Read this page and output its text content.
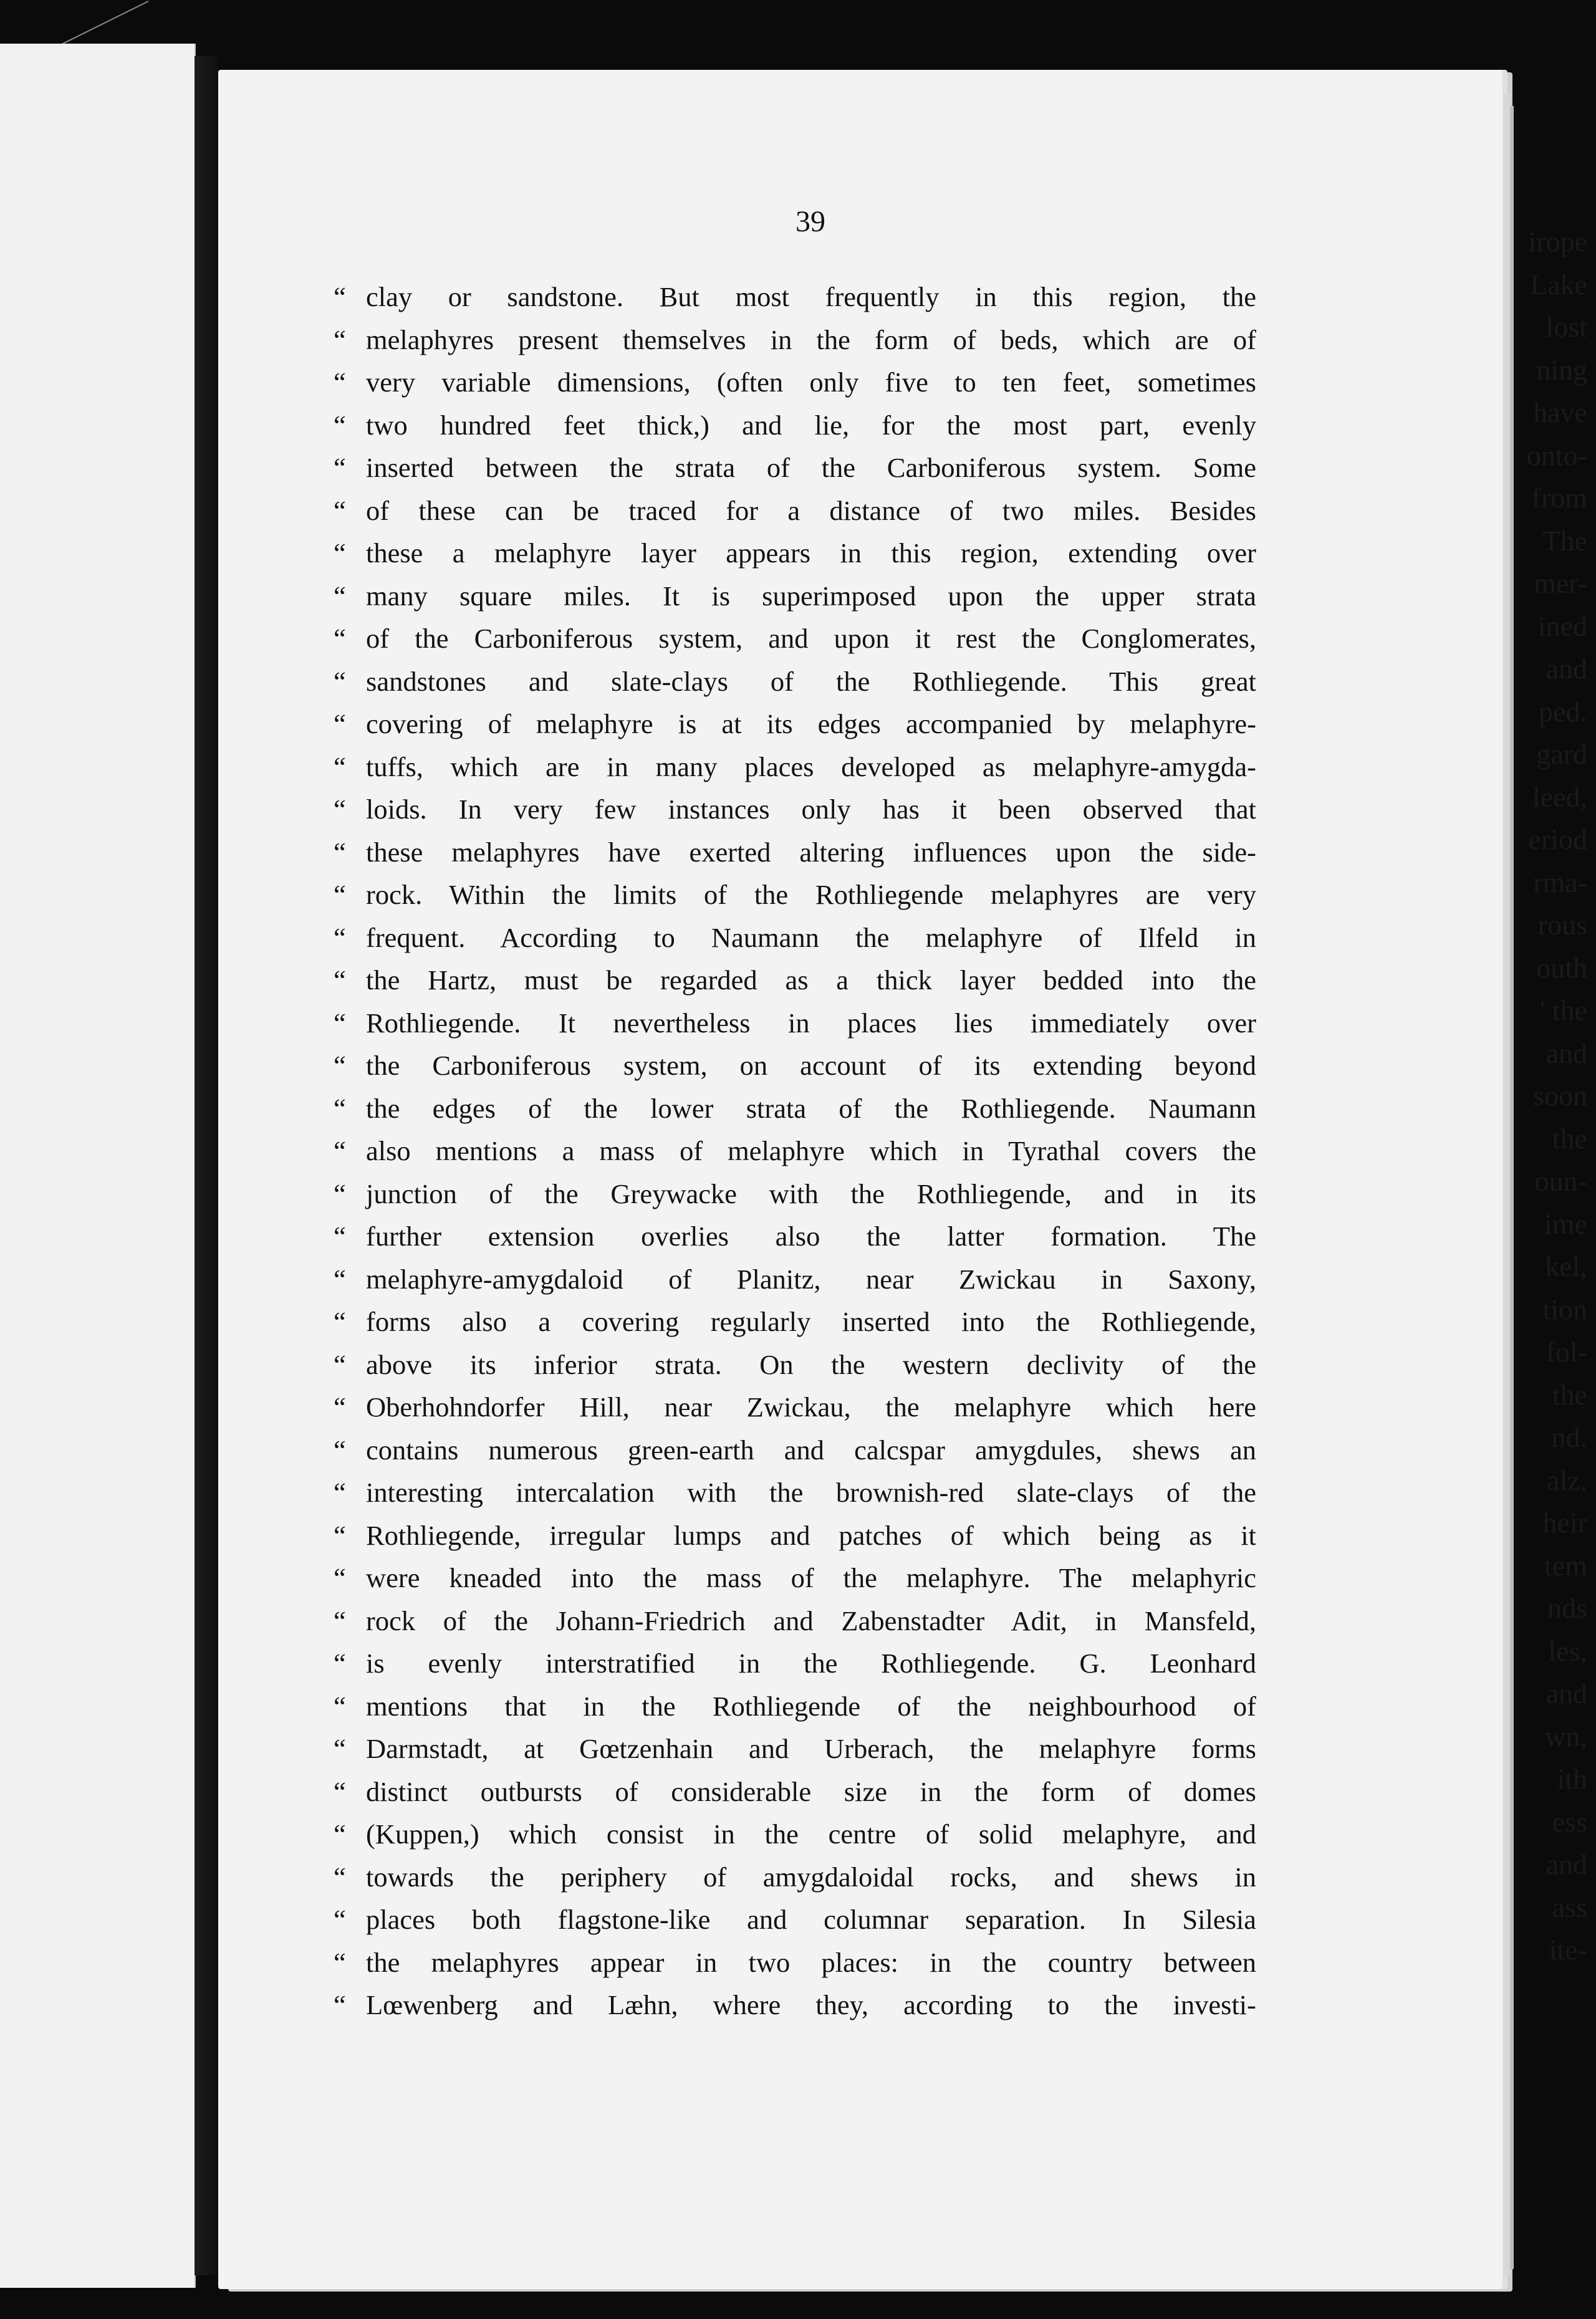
irope
Lake
lost
ning
have
onto-
from
The
mer-
ined
and
ped.
gard
leed,
eriod
rma-
rous
outh
' the
and
soon
the
oun-
ime
kel,
tion
fol-
the
nd.
alz.
heir
tem
nds
les,
and
wn,
ith
ess
and
ass
ite-

39

“ clay or sandstone. But most frequently in this region, the
“ melaphyres present themselves in the form of beds, which are of
“ very variable dimensions, (often only five to ten feet, sometimes
“ two hundred feet thick,) and lie, for the most part, evenly
“ inserted between the strata of the Carboniferous system. Some
“ of these can be traced for a distance of two miles. Besides
“ these a melaphyre layer appears in this region, extending over
“ many square miles. It is superimposed upon the upper strata
“ of the Carboniferous system, and upon it rest the Conglomerates,
“ sandstones and slate-clays of the Rothliegende. This great
“ covering of melaphyre is at its edges accompanied by melaphyre-
“ tuffs, which are in many places developed as melaphyre-amygda-
“ loids. In very few instances only has it been observed that
“ these melaphyres have exerted altering influences upon the side-
“ rock. Within the limits of the Rothliegende melaphyres are very
“ frequent. According to Naumann the melaphyre of Ilfeld in
“ the Hartz, must be regarded as a thick layer bedded into the
“ Rothliegende. It nevertheless in places lies immediately over
“ the Carboniferous system, on account of its extending beyond
“ the edges of the lower strata of the Rothliegende. Naumann
“ also mentions a mass of melaphyre which in Tyrathal covers the
“ junction of the Greywacke with the Rothliegende, and in its
“ further extension overlies also the latter formation. The
“ melaphyre-amygdaloid of Planitz, near Zwickau in Saxony,
“ forms also a covering regularly inserted into the Rothliegende,
“ above its inferior strata. On the western declivity of the
“ Oberhohndorfer Hill, near Zwickau, the melaphyre which here
“ contains numerous green-earth and calcspar amygdules, shews an
“ interesting intercalation with the brownish-red slate-clays of the
“ Rothliegende, irregular lumps and patches of which being as it
“ were kneaded into the mass of the melaphyre. The melaphyric
“ rock of the Johann-Friedrich and Zabenstadter Adit, in Mansfeld,
“ is evenly interstratified in the Rothliegende. G. Leonhard
“ mentions that in the Rothliegende of the neighbourhood of
“ Darmstadt, at Gœtzenhain and Urberach, the melaphyre forms
“ distinct outbursts of considerable size in the form of domes
“ (Kuppen,) which consist in the centre of solid melaphyre, and
“ towards the periphery of amygdaloidal rocks, and shews in
“ places both flagstone-like and columnar separation. In Silesia
“ the melaphyres appear in two places: in the country between
“ Lœwenberg and Læhn, where they, according to the investi-
